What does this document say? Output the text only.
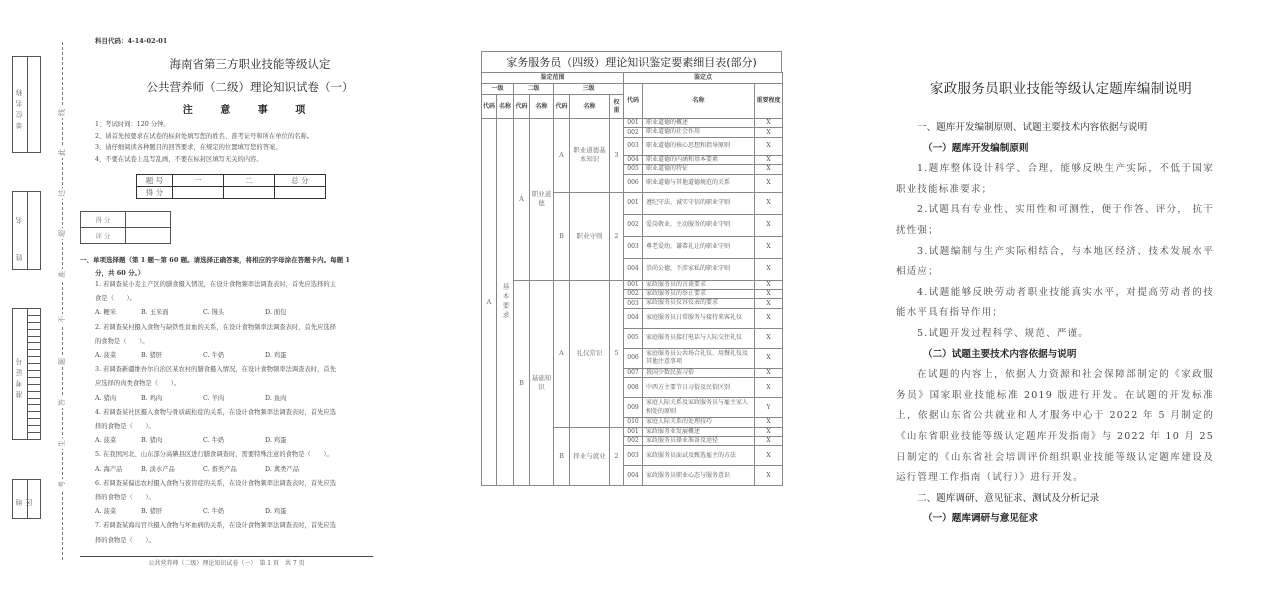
单位名称
姓 名
准考证号
地 区
线
此
过
超
准
不
题
答
生
考
科目代码：4-14-02-01
海南省第三方职业技能等级认定
公共营养师（二级）理论知识试卷（一）
注 意 事 项
1、考试时间：120 分钟。
2、请首先按要求在试卷的标封处填写您的姓名、准考证号和所在单位的名称。
3、请仔细阅读各种题目的回答要求，在规定的位置填写您的答案。
4、不要在试卷上乱写乱画，不要在标封区填写无关的内容。
题 号	一	二	总 分
得 分			
得 分	
评 分	
一、单项选择题（第 1 题～第 60 题。请选择正确答案，将相应的字母涂在答题卡内。每题 1
分，共 60 分。）
1. 若调查某小麦主产区的膳食摄入情况，在设计食物频率法调查表时，首先应选择的主
食是（　　）。
A. 粳米	B. 玉米面	C. 馒头	D. 面包
2. 若调查某村摄入食物与缺铁性贫血的关系，在设计食物频率法调查表时，首先应选择
的食物是（　　）。
A. 菠菜	B. 猪肝	C. 牛奶	D. 鸡蛋
3. 若调查新疆维吾尔自治区某农村的膳食摄入情况，在设计食物频率法调查表时，首先
应选择的肉类食物是（　　）。
A. 猪肉	B. 鸡肉	C. 羊肉	D. 鱼肉
4. 若调查某社区摄入食物与骨质疏松症的关系，在设计食物频率法调查表时，首先应选
择的食物是（　　）。
A. 菠菜	B. 猪肉	C. 牛奶	D. 鸡蛋
5. 在我国河北、山东部分高碘县区进行膳食调查时，需要特殊注意的食物是（　　）。
A. 海产品	B. 淡水产品	C. 畜类产品	D. 禽类产品
6. 若调查某偏远农村摄入食物与夜盲症的关系，在设计食物频率法调查表时，首先应选
择的食物是（　　）。
A. 菠菜	B. 猪肝	C. 牛奶	D. 鸡蛋
7. 若调查某海岛官兵摄入食物与坏血病的关系，在设计食物频率法调查表时，首先应选
择的食物是（　　）。
公共营养师（二级）理论知识试卷（一）　第 1 页　共 7 页
家务服务员（四级）理论知识鉴定要素细目表(部分)
鉴定范围							鉴定点		
一级		二级		三级			代码	名称	重要程度
代码	名称	代码	名称	代码	名称	权重			
A	基本要求	A	职业道德	A	职业道德基本知识	3	001	职业道德的概述	X
							002	职业道德的社会作用	X
							003	职业道德的核心思想和指导原则	X
							004	职业道德的内涵和基本要素	X
							005	职业道德的特征	X
							006	职业道德与其他道德规范的关系	X
				B	职业守则	2	001	遵纪守法，诚实守信的职业守则	X
							002	爱岗敬业，主动服务的职业守则	X
							003	尊老爱幼，谦恭礼让的职业守则	X
							004	崇尚公德，不涉家私的职业守则	X
		B	基础知识	A	礼仪常识	5	001	家政服务员的言谈要求	X
							002	家政服务员的举止要求	X
							003	家政服务员仪容仪表的要求	X
							004	家庭服务员日常服务与接待来客礼仪	X
							005	家庭服务员接打电话与人际交往礼仪	X
							006	家庭服务员公共场合礼仪、用餐礼仪及其他注意事项	X
							007	我国少数民族习俗	X
							008	中西方主要节日习俗及民俗区别	X
							009	家庭人际关系及家政服务员与雇主家人相处的原则	Y
							010	家庭人际关系的处理技巧	X
				B	择业与就业	2	001	家政服务业发展概述	X
							002	家政服务员择业准备及途径	X
							003	家政服务员面试及甄选雇主的方法	X
							004	家政服务员职业心态与服务意识	X
家政服务员职业技能等级认定题库编制说明
一、题库开发编制原则、试题主要技术内容依据与说明
（一）题库开发编制原则
1.题库整体设计科学、合理，能够反映生产实际，不低于国家职业技能标准要求；
2.试题具有专业性、实用性和可测性，便于作答、评分， 抗干扰性强；
3.试题编制与生产实际相结合，与本地区经济、技术发展水平相适应；
4.试题能够反映劳动者职业技能真实水平，对提高劳动者的技能水平具有指导作用；
5.试题开发过程科学、规范、严谨。
（二）试题主要技术内容依据与说明
在试题的内容上，依据人力资源和社会保障部制定的《家政服务员》国家职业技能标准 2019 版进行开发。在试题的开发标准上，依据山东省公共就业和人才服务中心于 2022 年 5 月制定的《山东省职业技能等级认定题库开发指南》与 2022 年 10 月 25 日制定的《山东省社会培训评价组织职业技能等级认定题库建设及运行管理工作指南（试行）》进行开发。
二、题库调研、意见征求、测试及分析记录
（一）题库调研与意见征求
